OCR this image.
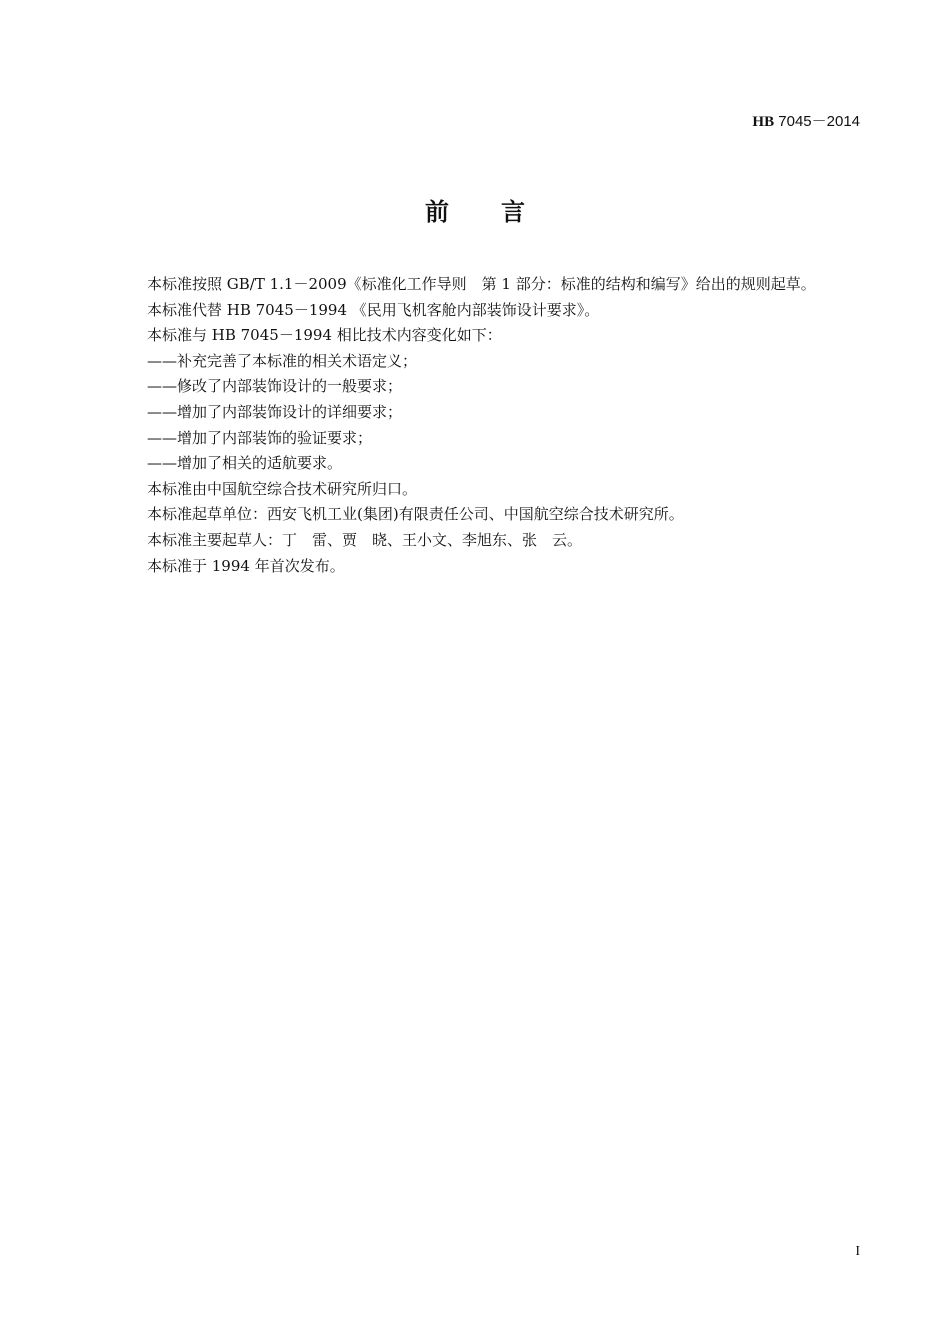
HB 7045－2014
前 言
本标准按照 GB/T 1.1－2009《标准化工作导则　第 1 部分：标准的结构和编写》给出的规则起草。
本标准代替 HB 7045－1994 《民用飞机客舱内部装饰设计要求》。
本标准与 HB 7045－1994 相比技术内容变化如下：
——补充完善了本标准的相关术语定义；
——修改了内部装饰设计的一般要求；
——增加了内部装饰设计的详细要求；
——增加了内部装饰的验证要求；
——增加了相关的适航要求。
本标准由中国航空综合技术研究所归口。
本标准起草单位：西安飞机工业(集团)有限责任公司、中国航空综合技术研究所。
本标准主要起草人：丁　雷、贾　晓、王小文、李旭东、张　云。
本标准于 1994 年首次发布。
I
